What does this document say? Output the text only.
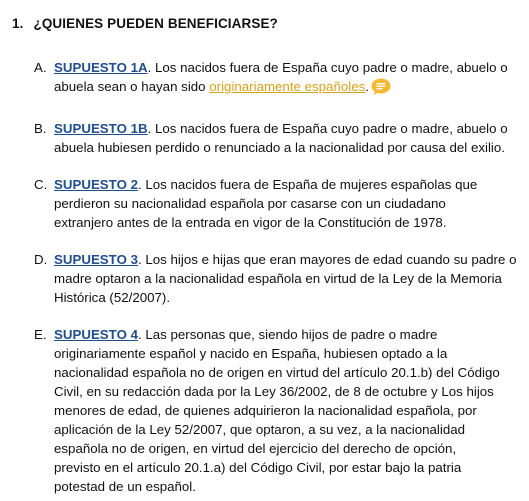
1. ¿QUIENES PUEDEN BENEFICIARSE?
A. SUPUESTO 1A. Los nacidos fuera de España cuyo padre o madre, abuelo o
abuela sean o hayan sido originariamente españoles.
B. SUPUESTO 1B. Los nacidos fuera de España cuyo padre o madre, abuelo o
abuela hubiesen perdido o renunciado a la nacionalidad por causa del exilio.
C. SUPUESTO 2. Los nacidos fuera de España de mujeres españolas que
perdieron su nacionalidad española por casarse con un ciudadano
extranjero antes de la entrada en vigor de la Constitución de 1978.
D. SUPUESTO 3. Los hijos e hijas que eran mayores de edad cuando su padre o
madre optaron a la nacionalidad española en virtud de la Ley de la Memoria
Histórica (52/2007).
E. SUPUESTO 4. Las personas que, siendo hijos de padre o madre
originariamente español y nacido en España, hubiesen optado a la
nacionalidad española no de origen en virtud del artículo 20.1.b) del Código
Civil, en su redacción dada por la Ley 36/2002, de 8 de octubre y Los hijos
menores de edad, de quienes adquirieron la nacionalidad española, por
aplicación de la Ley 52/2007, que optaron, a su vez, a la nacionalidad
española no de origen, en virtud del ejercicio del derecho de opción,
previsto en el artículo 20.1.a) del Código Civil, por estar bajo la patria
potestad de un español.
